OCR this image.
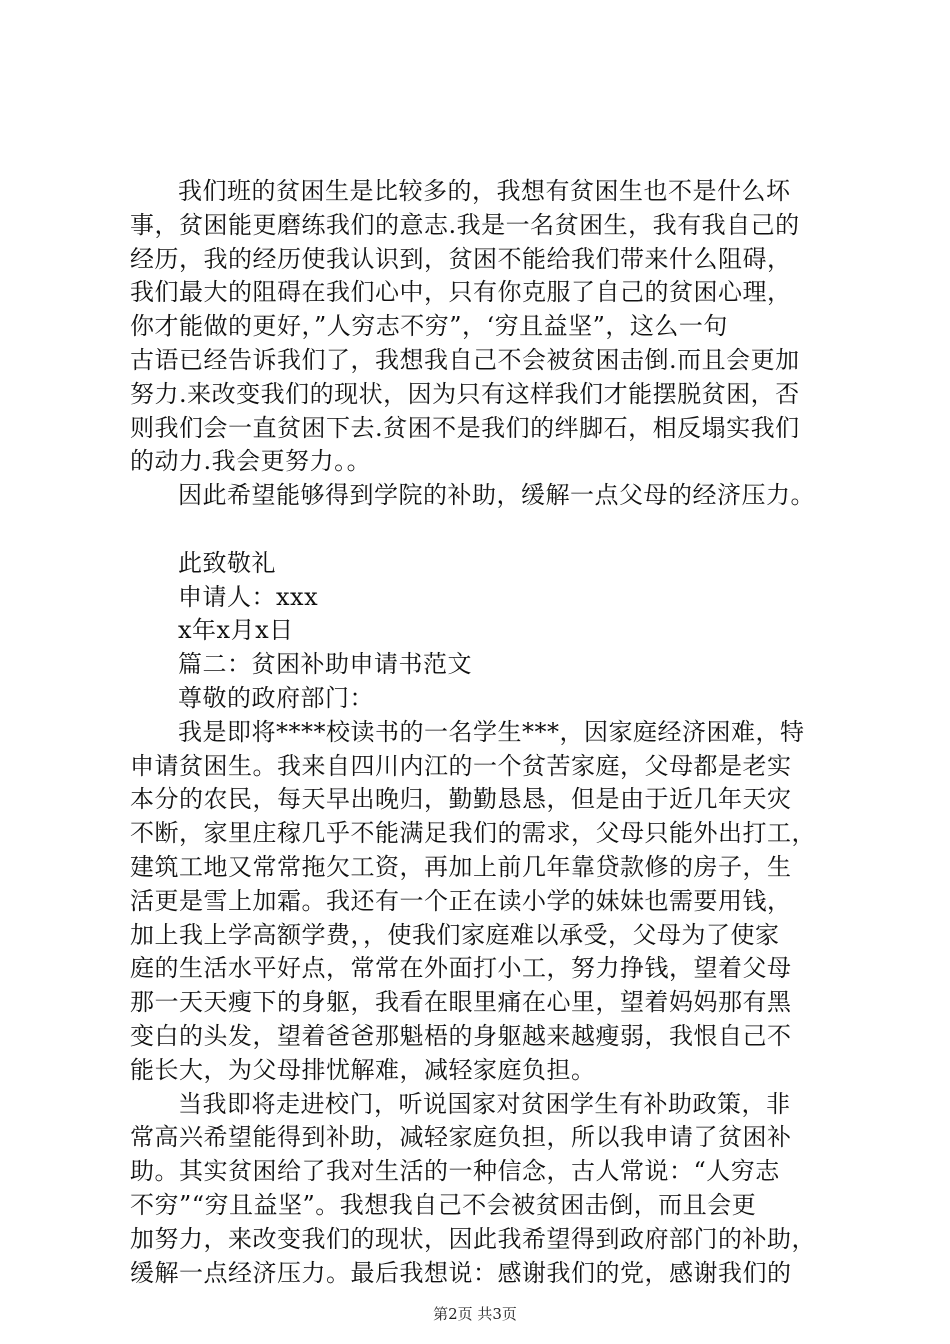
我们班的贫困生是比较多的，我想有贫困生也不是什么坏
事，贫困能更磨练我们的意志.我是一名贫困生，我有我自己的
经历，我的经历使我认识到，贫困不能给我们带来什么阻碍，
我们最大的阻碍在我们心中，只有你克服了自己的贫困心理，
你才能做的更好，”人穷志不穷”，‘穷且益坚”，这么一句
古语已经告诉我们了，我想我自己不会被贫困击倒.而且会更加
努力.来改变我们的现状，因为只有这样我们才能摆脱贫困，否
则我们会一直贫困下去.贫困不是我们的绊脚石，相反塌实我们
的动力.我会更努力。。
因此希望能够得到学院的补助，缓解一点父母的经济压力。
此致敬礼
申请人：xxx
x年x月x日
篇二：贫困补助申请书范文
尊敬的政府部门：
我是即将****校读书的一名学生***，因家庭经济困难，特
申请贫困生。我来自四川内江的一个贫苦家庭，父母都是老实
本分的农民，每天早出晚归，勤勤恳恳，但是由于近几年天灾
不断，家里庄稼几乎不能满足我们的需求，父母只能外出打工，
建筑工地又常常拖欠工资，再加上前几年靠贷款修的房子，生
活更是雪上加霜。我还有一个正在读小学的妹妹也需要用钱，
加上我上学高额学费，，使我们家庭难以承受，父母为了使家
庭的生活水平好点，常常在外面打小工，努力挣钱，望着父母
那一天天瘦下的身躯，我看在眼里痛在心里，望着妈妈那有黑
变白的头发，望着爸爸那魁梧的身躯越来越瘦弱，我恨自己不
能长大，为父母排忧解难，减轻家庭负担。
当我即将走进校门，听说国家对贫困学生有补助政策，非
常高兴希望能得到补助，减轻家庭负担，所以我申请了贫困补
助。其实贫困给了我对生活的一种信念，古人常说：“人穷志
不穷”“穷且益坚”。我想我自己不会被贫困击倒，而且会更
加努力，来改变我们的现状，因此我希望得到政府部门的补助，
缓解一点经济压力。最后我想说：感谢我们的党，感谢我们的
第2页 共3页
